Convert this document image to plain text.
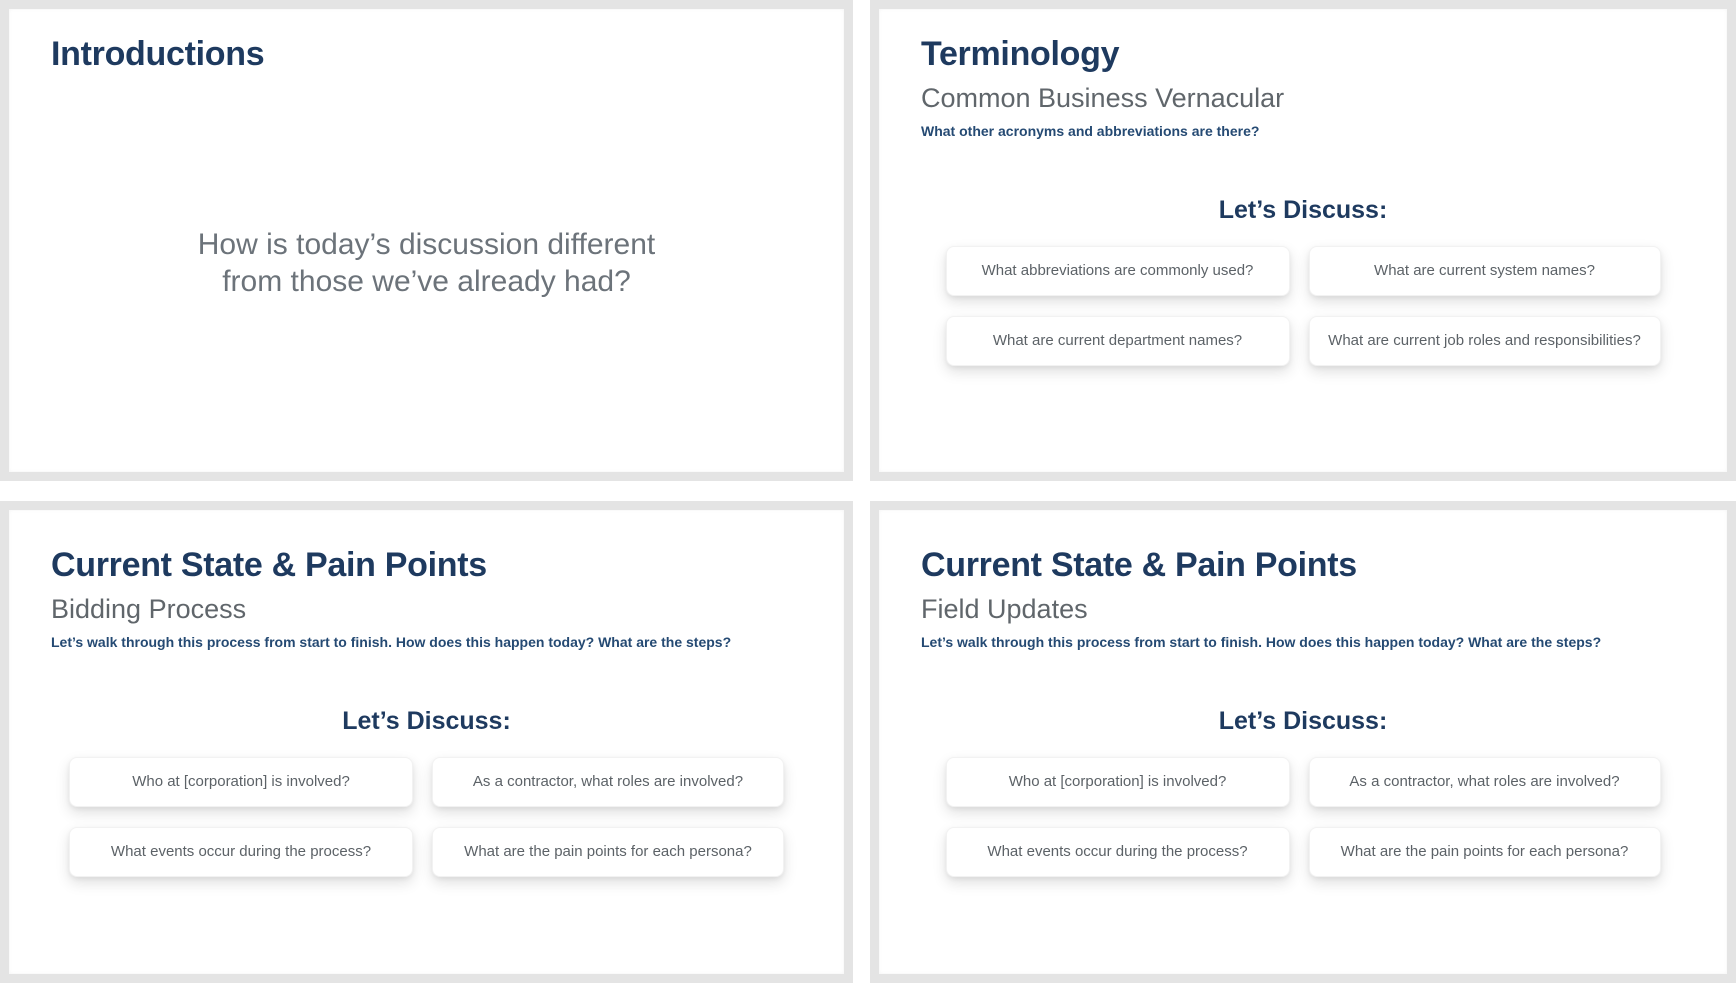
Introductions
How is today’s discussion different
from those we’ve already had?
Terminology
Common Business Vernacular

What other acronyms and abbreviations are there?

Let’s Discuss:
What abbreviations are commonly used?	What are current system names?
What are current department names?	What are current job roles and responsibilities?
Current State & Pain Points
Bidding Process

Let’s walk through this process from start to finish. How does this happen today? What are the steps?

Let’s Discuss:
Who at [corporation] is involved?	As a contractor, what roles are involved?
What events occur during the process?	What are the pain points for each persona?
Current State & Pain Points
Field Updates

Let’s walk through this process from start to finish. How does this happen today? What are the steps?

Let’s Discuss:
Who at [corporation] is involved?	As a contractor, what roles are involved?
What events occur during the process?	What are the pain points for each persona?
